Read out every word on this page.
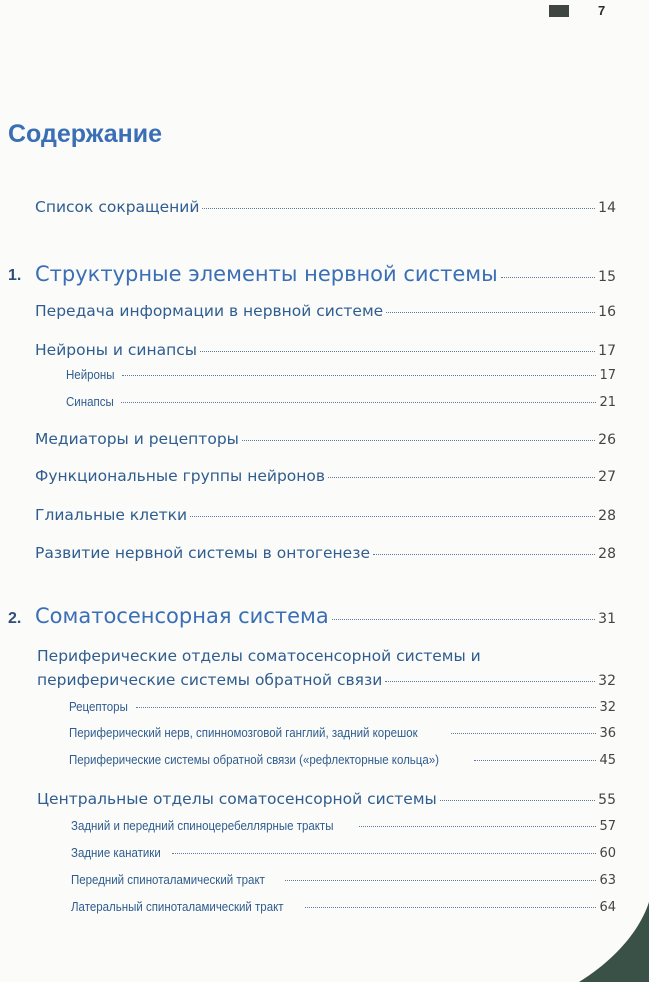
7
Содержание
Список сокращений	14
1. Структурные элементы нервной системы	15
Передача информации в нервной системе	16
Нейроны и синапсы	17
Нейроны	17
Синапсы	21
Медиаторы и рецепторы	26
Функциональные группы нейронов	27
Глиальные клетки	28
Развитие нервной системы в онтогенезе	28
2. Соматосенсорная система	31
Периферические отделы соматосенсорной системы и
периферические системы обратной связи	32
Рецепторы	32
Периферический нерв, спинномозговой ганглий, задний корешок	36
Периферические системы обратной связи («рефлекторные кольца»)	45
Центральные отделы соматосенсорной системы	55
Задний и передний спиноцеребеллярные тракты	57
Задние канатики	60
Передний спиноталамический тракт	63
Латеральный спиноталамический тракт	64
